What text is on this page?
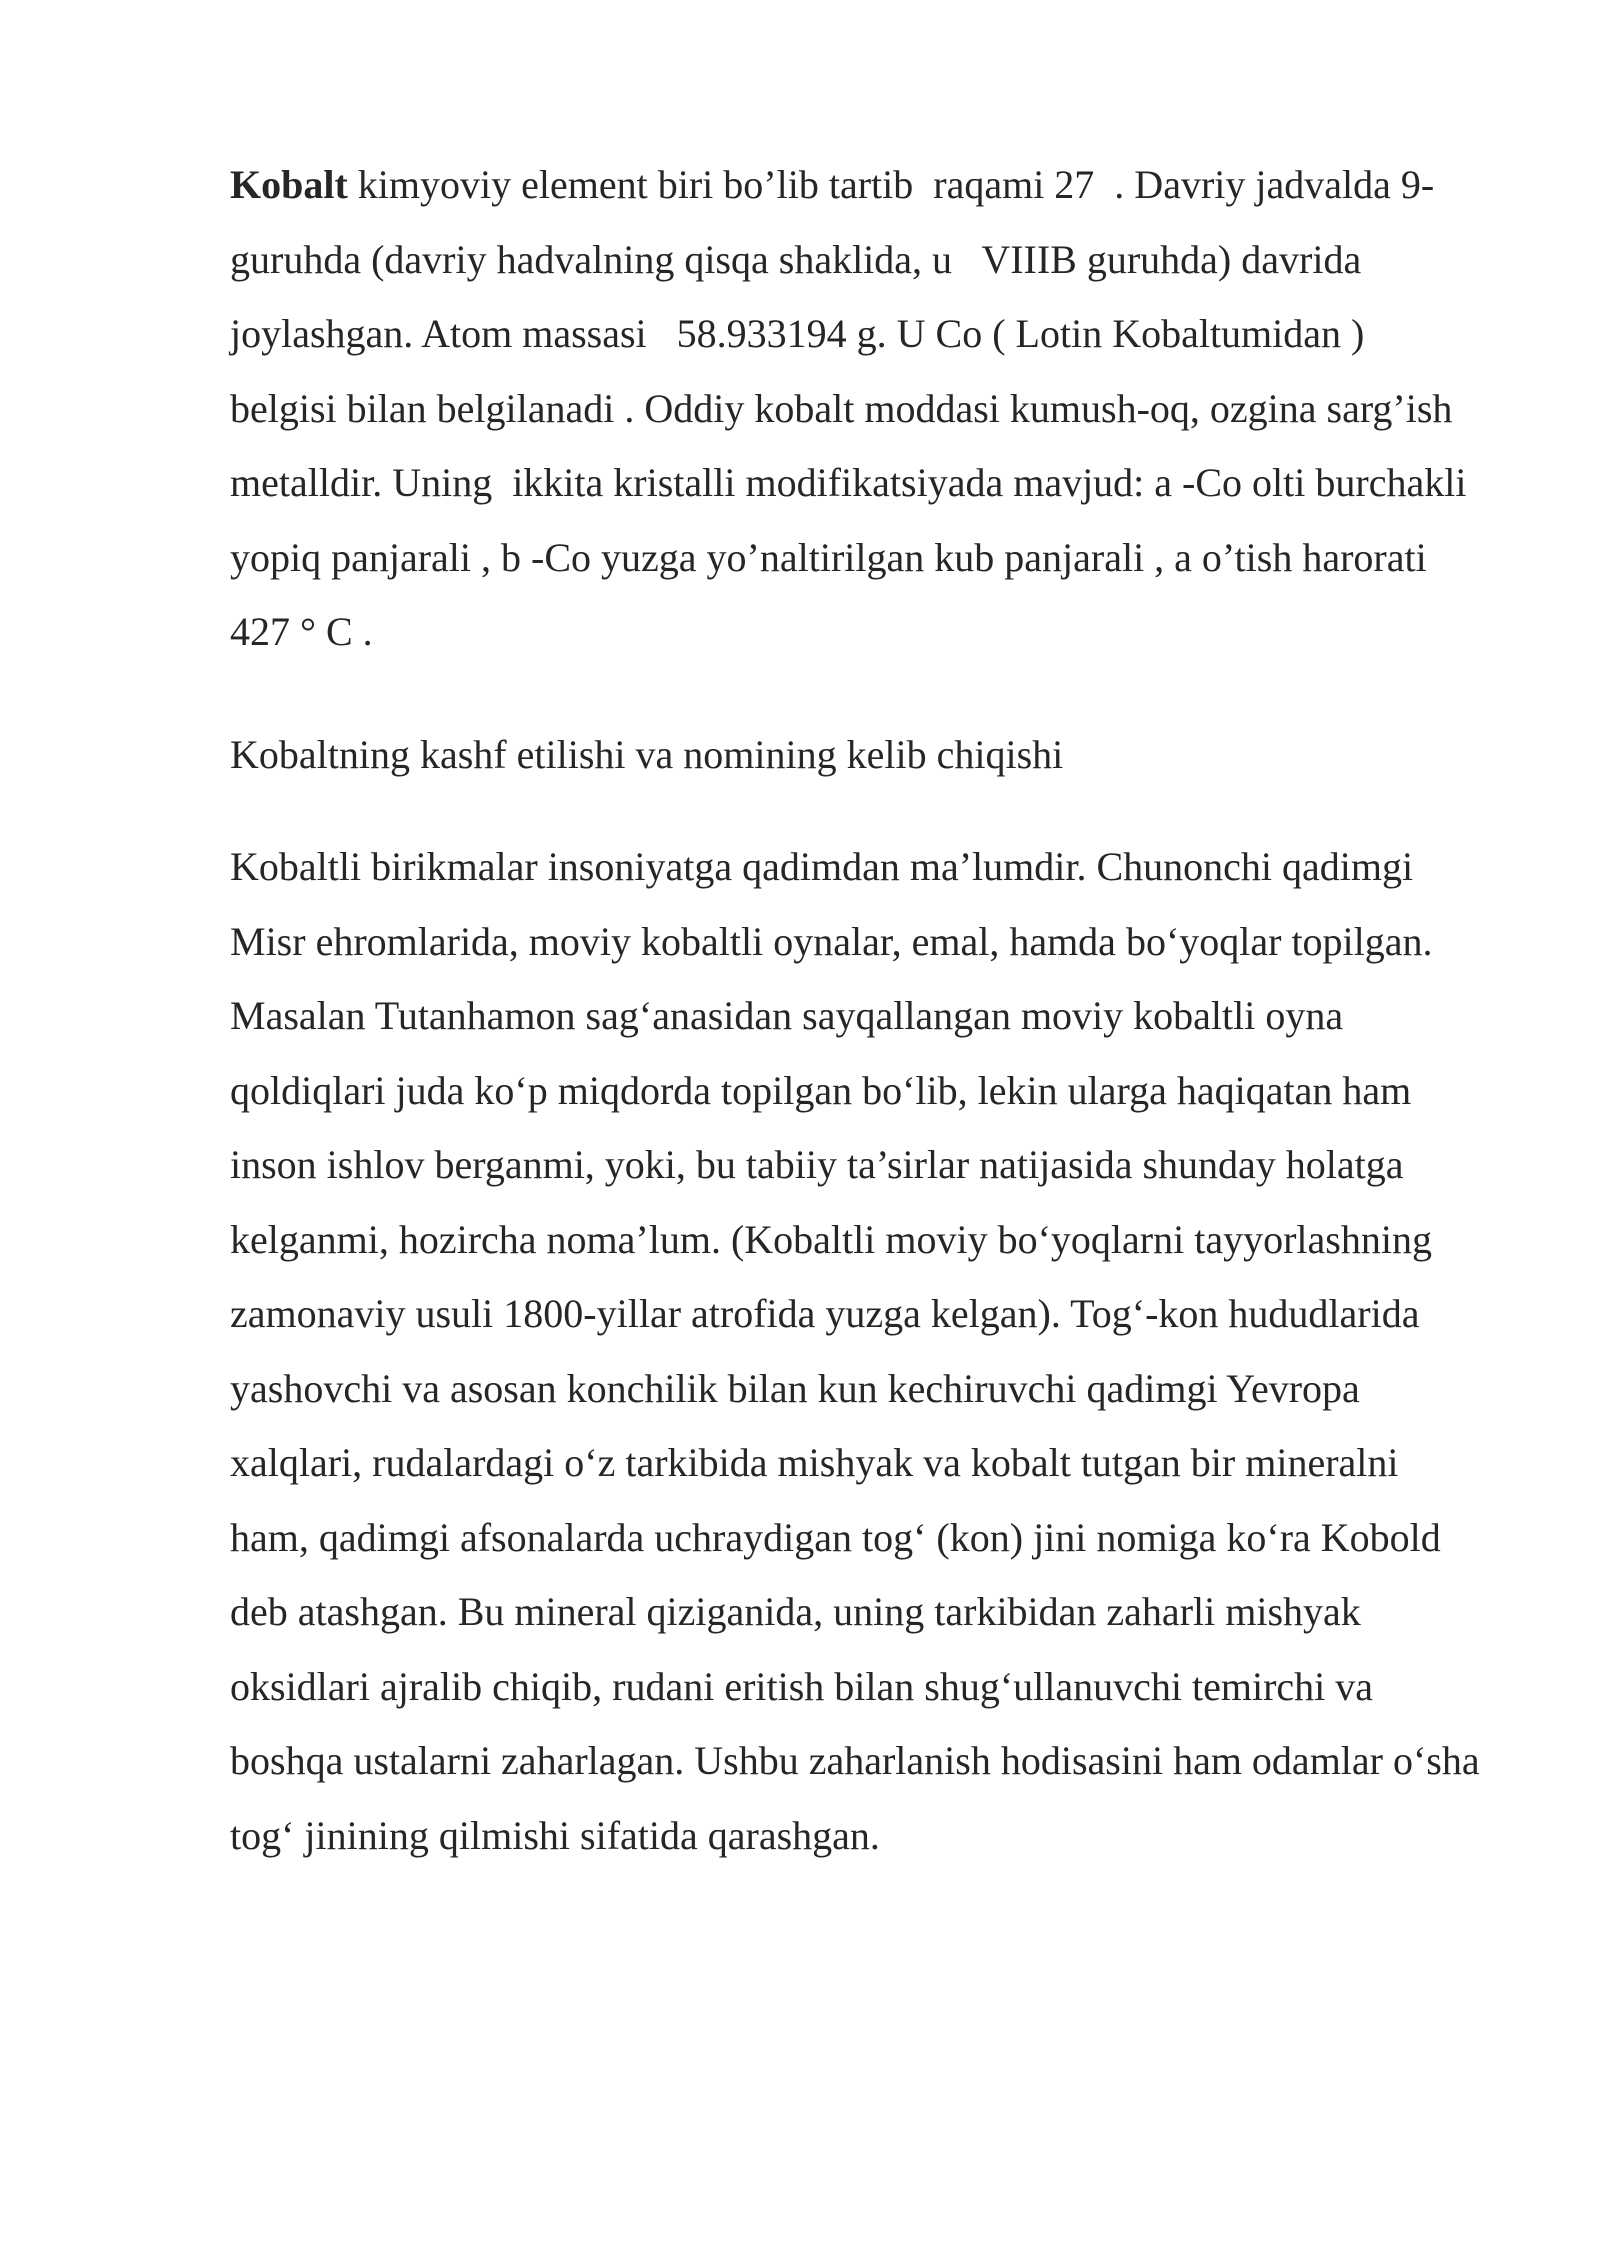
Kobalt kimyoviy element biri bo’lib tartib  raqami 27  . Davriy jadvalda 9-guruhda (davriy hadvalning qisqa shaklida, u   VIIIB guruhda) davrida joylashgan. Atom massasi   58.933194 g. U Co ( Lotin Kobaltumidan ) belgisi bilan belgilanadi . Oddiy kobalt moddasi kumush-oq, ozgina sarg’ish metalldir. Uning  ikkita kristalli modifikatsiyada mavjud: a -Co olti burchakli yopiq panjarali , b -Co yuzga yo’naltirilgan kub panjarali , a o’tish harorati 427 ° C .

Kobaltning kashf etilishi va nomining kelib chiqishi

Kobaltli birikmalar insoniyatga qadimdan ma’lumdir. Chunonchi qadimgi Misr ehromlarida, moviy kobaltli oynalar, emal, hamda bo‘yoqlar topilgan. Masalan Tutanhamon sag‘anasidan sayqallangan moviy kobaltli oyna qoldiqlari juda ko‘p miqdorda topilgan bo‘lib, lekin ularga haqiqatan ham inson ishlov berganmi, yoki, bu tabiiy ta’sirlar natijasida shunday holatga kelganmi, hozircha noma’lum. (Kobaltli moviy bo‘yoqlarni tayyorlashning zamonaviy usuli 1800-yillar atrofida yuzga kelgan). Tog‘-kon hududlarida yashovchi va asosan konchilik bilan kun kechiruvchi qadimgi Yevropa xalqlari, rudalardagi o‘z tarkibida mishyak va kobalt tutgan bir mineralni ham, qadimgi afsonalarda uchraydigan tog‘ (kon) jini nomiga ko‘ra Kobold deb atashgan. Bu mineral qiziganida, uning tarkibidan zaharli mishyak oksidlari ajralib chiqib, rudani eritish bilan shug‘ullanuvchi temirchi va boshqa ustalarni zaharlagan. Ushbu zaharlanish hodisasini ham odamlar o‘sha tog‘ jinining qilmishi sifatida qarashgan.
